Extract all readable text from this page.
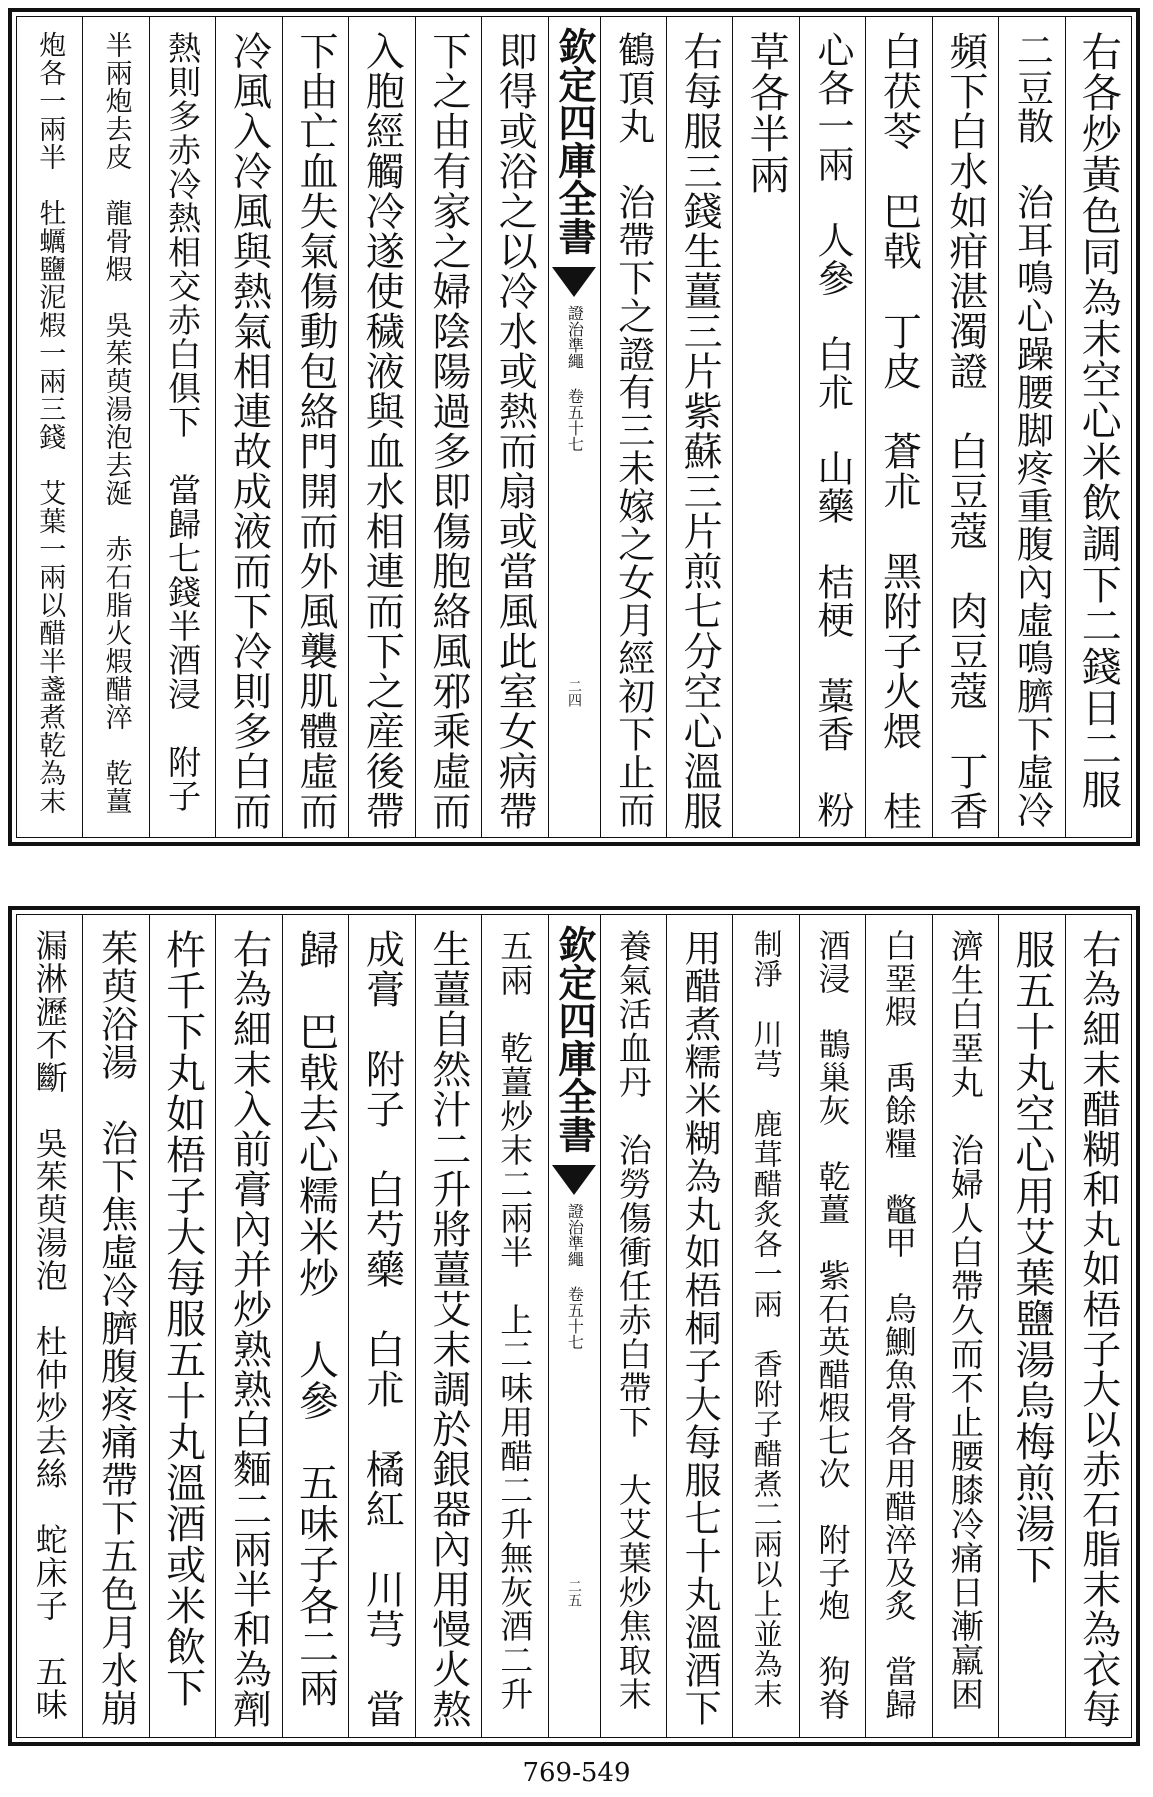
右各炒黃色同為末空心米飲調下二錢日二服
二豆散　治耳鳴心躁腰脚疼重腹內虛鳴臍下虛冷
頻下白水如疳湛濁證　白豆蔻　肉豆蔻　丁香
白茯苓　巴戟　丁皮　蒼朮　黑附子火煨　桂
心各一兩　人參　白朮　山藥　桔梗　藁香　粉
草各半兩
右每服三錢生薑三片紫蘇三片煎七分空心溫服
鶴頂丸　治帶下之證有三未嫁之女月經初下止而
欽定四庫全書
證治準繩 卷五十七
二四
即得或浴之以冷水或熱而扇或當風此室女病帶
下之由有家之婦陰陽過多即傷胞絡風邪乘虛而
入胞經觸冷遂使穢液與血水相連而下之産後帶
下由亡血失氣傷動包絡門開而外風襲肌體虛而
冷風入冷風與熱氣相連故成液而下冷則多白而
熱則多赤冷熱相交赤白俱下　當歸七錢半酒浸　附子
半兩炮去皮　龍骨煆　吳茱萸湯泡去涎　赤石脂火煆醋淬　乾薑
炮各一兩半　牡蠣鹽泥煆一兩三錢　艾葉一兩以醋半盞煮乾為末
右為細末醋糊和丸如梧子大以赤石脂末為衣每
服五十丸空心用艾葉鹽湯烏梅煎湯下
濟生白堊丸　治婦人白帶久而不止腰膝冷痛日漸羸困
白堊煆　禹餘糧　鼈甲　烏鰂魚骨各用醋淬及炙　當歸
酒浸　鵲巢灰　乾薑　紫石英醋煆七次　附子炮　狗脊
制淨　川芎　鹿茸醋炙各一兩　香附子醋煮二兩以上並為末
用醋煮糯米糊為丸如梧桐子大每服七十丸溫酒下
養氣活血丹　治勞傷衝任赤白帶下　大艾葉炒焦取末
欽定四庫全書
證治準繩 卷五十七
二五
五兩　乾薑炒末二兩半　上二味用醋二升無灰酒二升
生薑自然汁二升將薑艾末調於銀器內用慢火熬
成膏　附子　白芍藥　白朮　橘紅　川芎　當
歸　巴戟去心糯米炒　人參　五味子各二兩
右為細末入前膏內并炒熟熟白麵二兩半和為劑
杵千下丸如梧子大每服五十丸溫酒或米飲下
茱萸浴湯　治下焦虛冷臍腹疼痛帶下五色月水崩
漏淋瀝不斷　吳茱萸湯泡　杜仲炒去絲　蛇床子　五味
769-549
